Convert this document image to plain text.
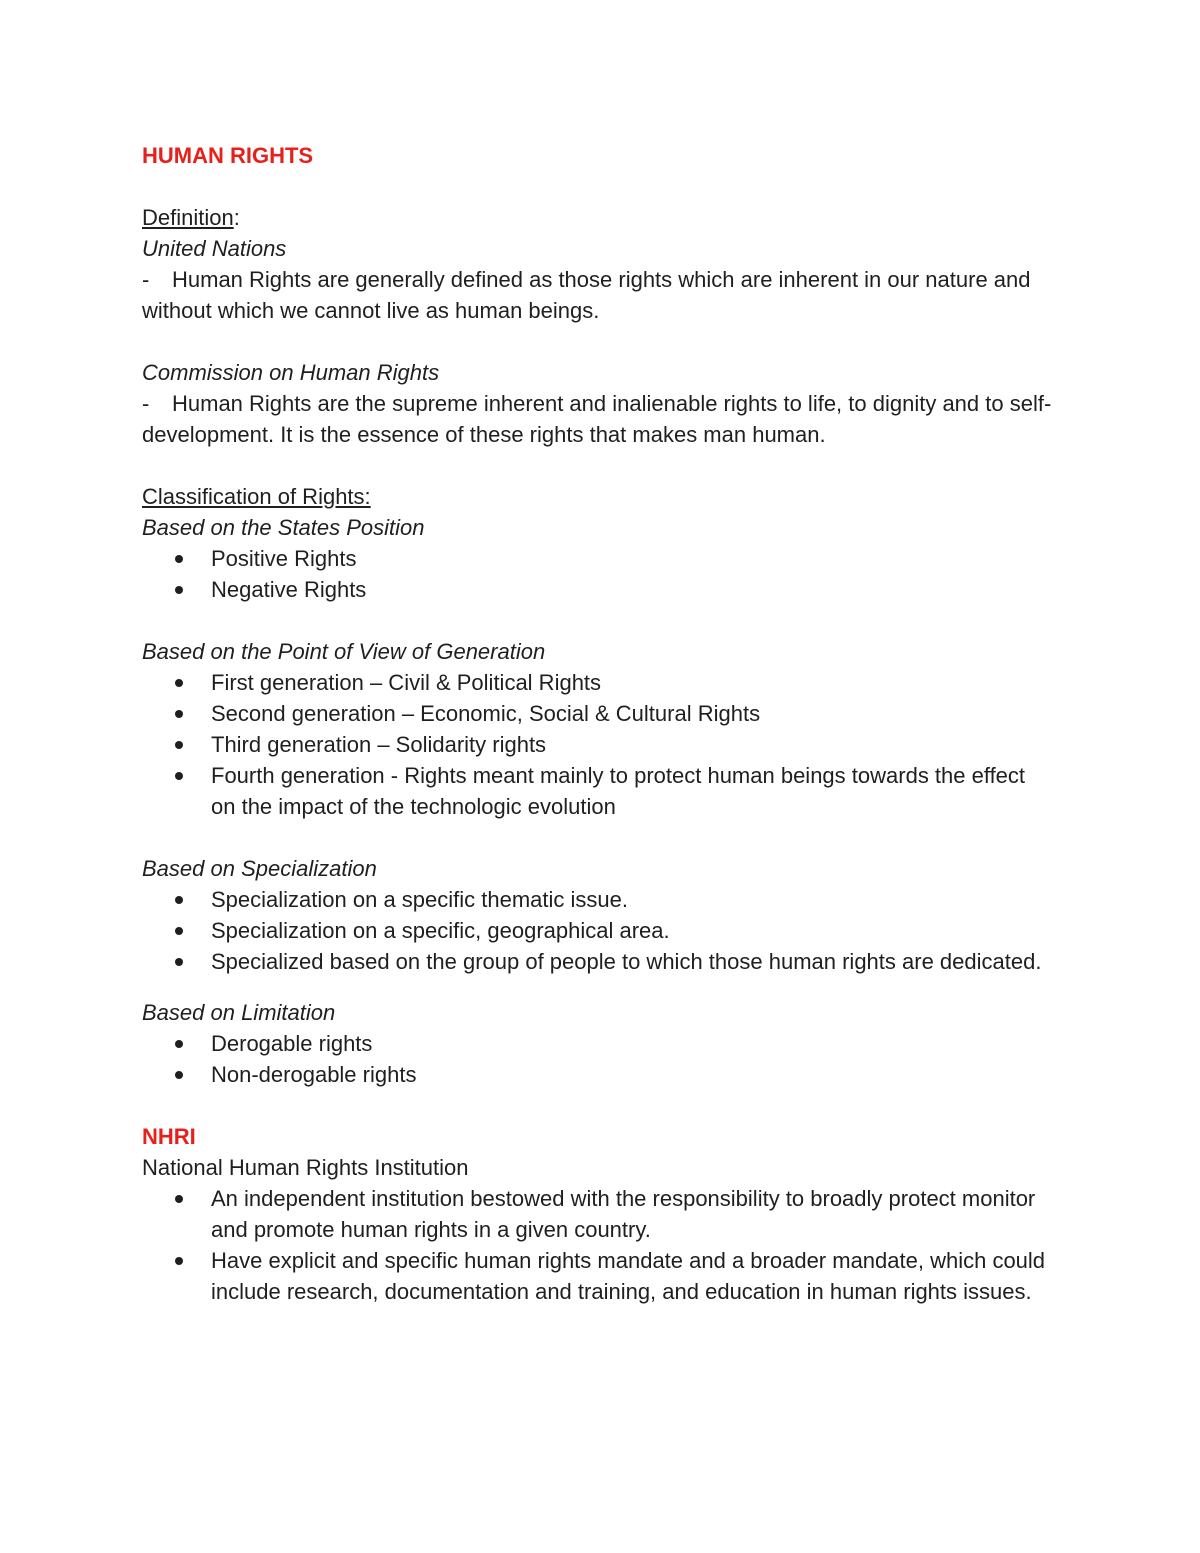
HUMAN RIGHTS

Definition:

United Nations

- Human Rights are generally defined as those rights which are inherent in our nature and without which we cannot live as human beings.

Commission on Human Rights

- Human Rights are the supreme inherent and inalienable rights to life, to dignity and to self-development. It is the essence of these rights that makes man human.

Classification of Rights:

Based on the States Position

Positive Rights
Negative Rights

Based on the Point of View of Generation

First generation – Civil & Political Rights
Second generation – Economic, Social & Cultural Rights
Third generation – Solidarity rights
Fourth generation - Rights meant mainly to protect human beings towards the effect on the impact of the technologic evolution

Based on Specialization

Specialization on a specific thematic issue.
Specialization on a specific, geographical area.
Specialized based on the group of people to which those human rights are dedicated.

Based on Limitation

Derogable rights
Non-derogable rights

NHRI

National Human Rights Institution

An independent institution bestowed with the responsibility to broadly protect monitor and promote human rights in a given country.
Have explicit and specific human rights mandate and a broader mandate, which could include research, documentation and training, and education in human rights issues.
